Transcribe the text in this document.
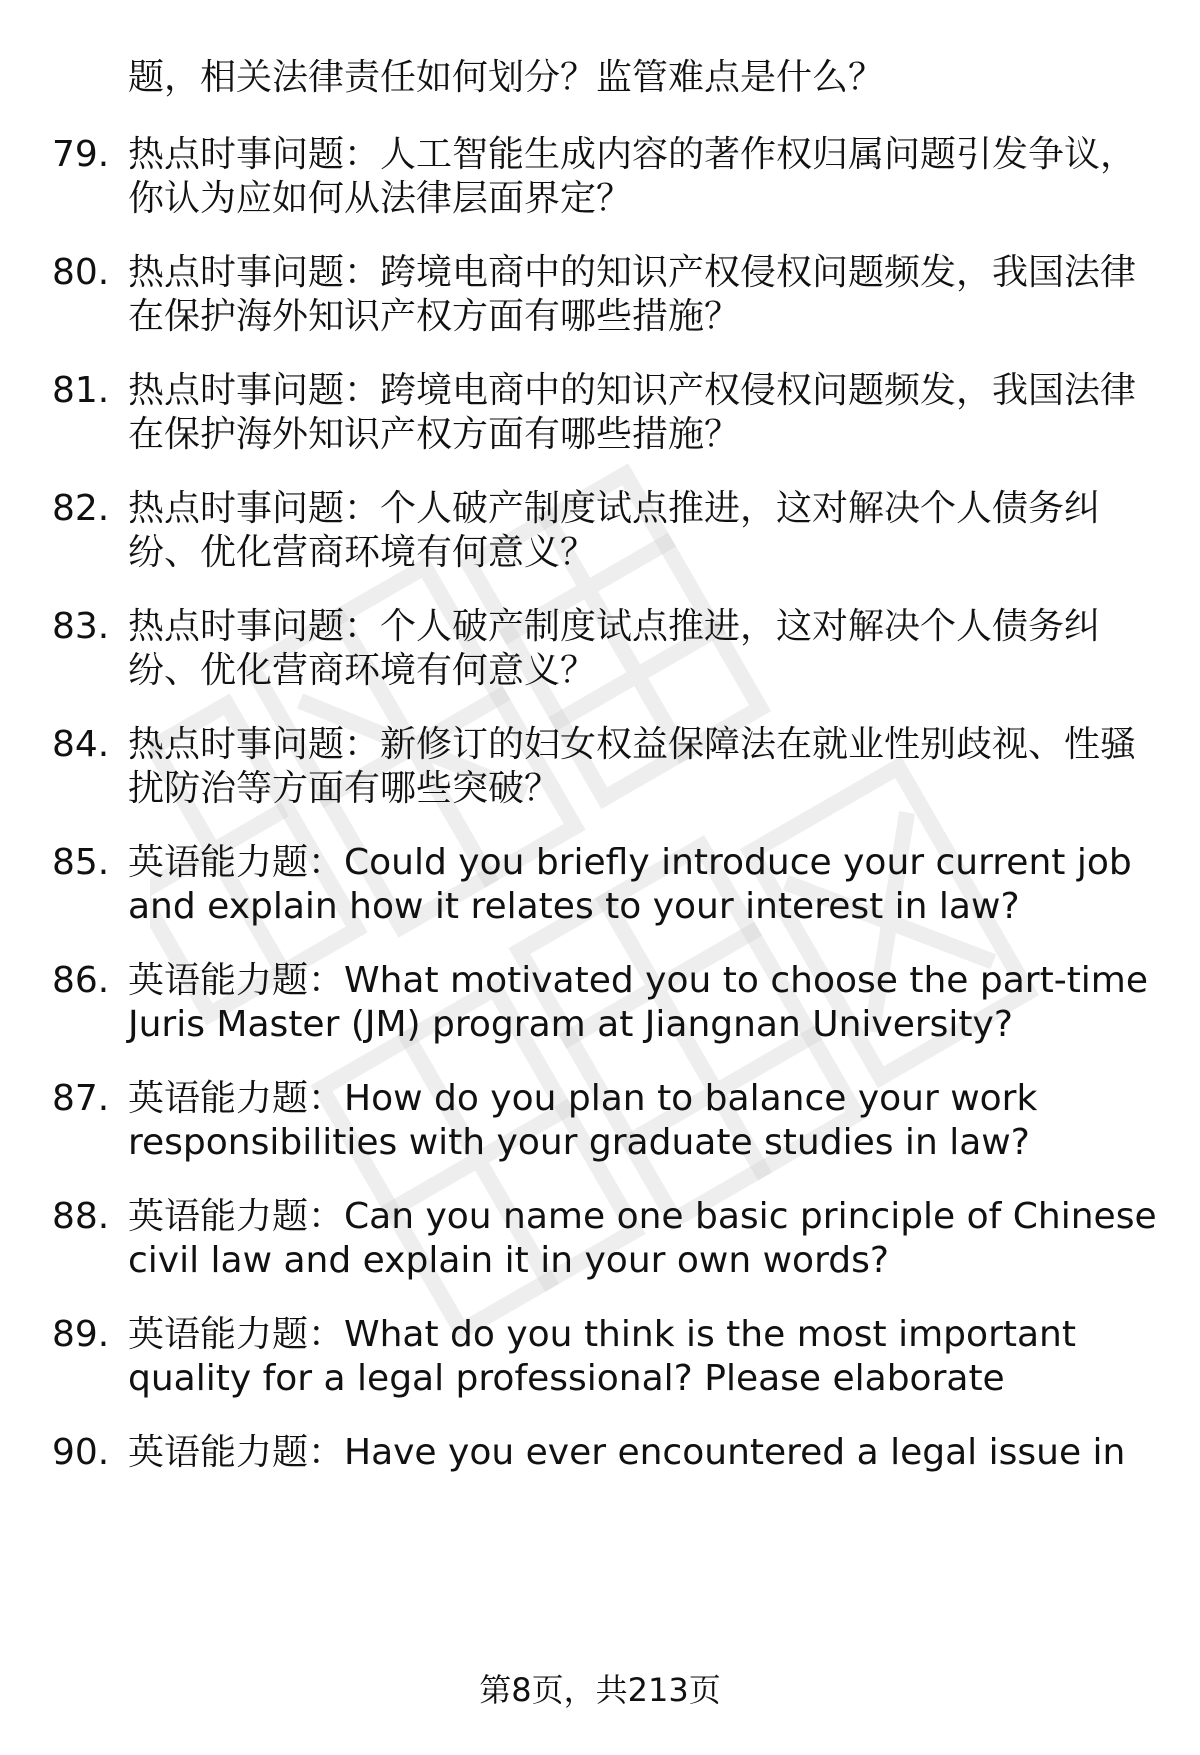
题，相关法律责任如何划分？监管难点是什么？
79. 热点时事问题：人工智能生成内容的著作权归属问题引发争议，
你认为应如何从法律层面界定？
80. 热点时事问题：跨境电商中的知识产权侵权问题频发，我国法律
在保护海外知识产权方面有哪些措施？
81. 热点时事问题：跨境电商中的知识产权侵权问题频发，我国法律
在保护海外知识产权方面有哪些措施？
82. 热点时事问题：个人破产制度试点推进，这对解决个人债务纠
纷、优化营商环境有何意义？
83. 热点时事问题：个人破产制度试点推进，这对解决个人债务纠
纷、优化营商环境有何意义？
84. 热点时事问题：新修订的妇女权益保障法在就业性别歧视、性骚
扰防治等方面有哪些突破？
85. 英语能力题：Could you briefly introduce your current job
and explain how it relates to your interest in law?
86. 英语能力题：What motivated you to choose the part-time
Juris Master (JM) program at Jiangnan University?
87. 英语能力题：How do you plan to balance your work
responsibilities with your graduate studies in law?
88. 英语能力题：Can you name one basic principle of Chinese
civil law and explain it in your own words?
89. 英语能力题：What do you think is the most important
quality for a legal professional? Please elaborate
90. 英语能力题：Have you ever encountered a legal issue in
第8页，共213页
